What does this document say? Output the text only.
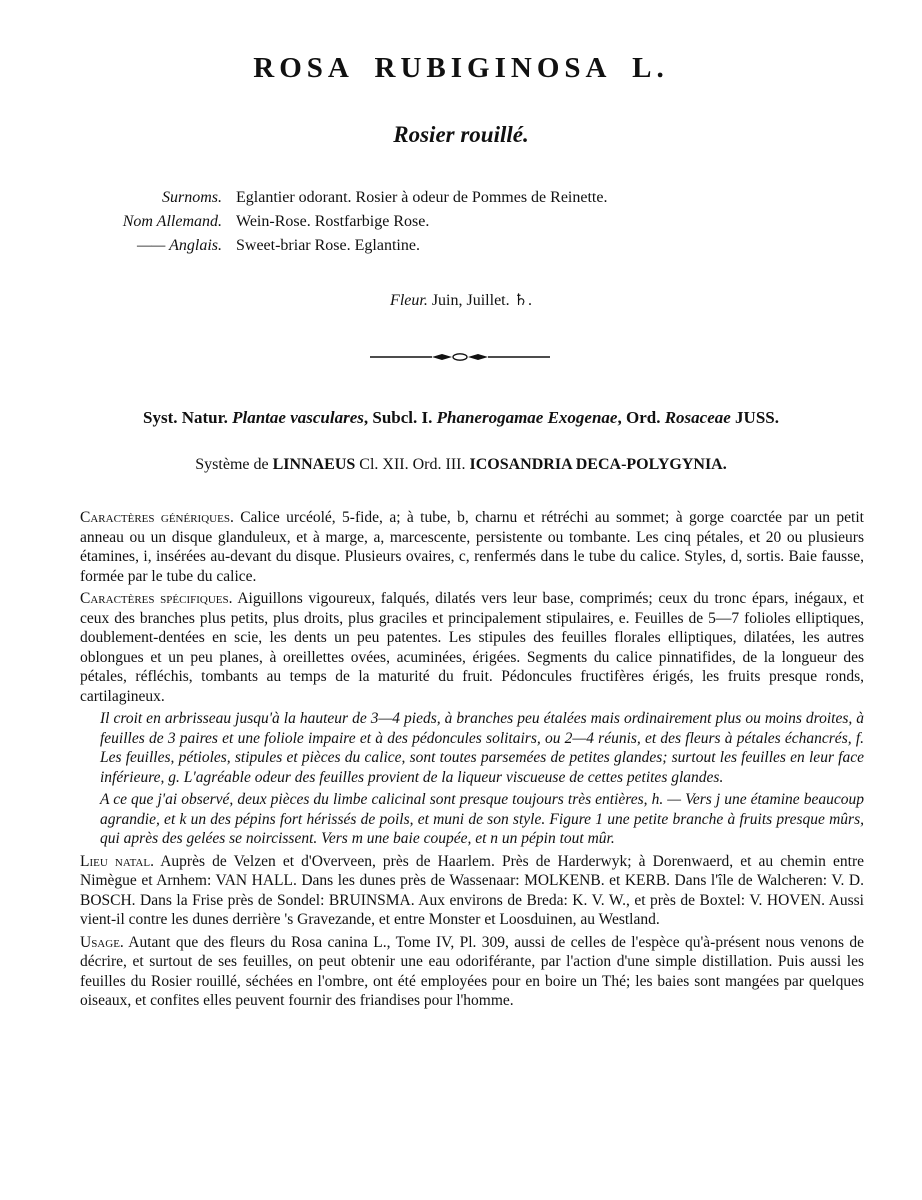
ROSA RUBIGINOSA L.
Rosier rouillé.
Surnoms. Eglantier odorant. Rosier à odeur de Pommes de Reinette.
Nom Allemand. Wein-Rose. Rostfarbige Rose.
—— Anglais. Sweet-briar Rose. Eglantine.
Fleur. Juin, Juillet. ♄.
Syst. Natur. Plantae vasculares, Subcl. I. Phanerogamae Exogenae, Ord. Rosaceae JUSS.
Système de LINNAEUS Cl. XII. Ord. III. ICOSANDRIA DECA-POLYGYNIA.

Caractères génériques. Calice urcéolé, 5-fide, a; à tube, b, charnu et rétréchi au sommet; à gorge coarctée par un petit anneau ou un disque glanduleux, et à marge, a, marcescente, persistente ou tombante. Les cinq pétales, et 20 ou plusieurs étamines, i, insérées au-devant du disque. Plusieurs ovaires, c, renfermés dans le tube du calice. Styles, d, sortis. Baie fausse, formée par le tube du calice.

Caractères spécifiques. Aiguillons vigoureux, falqués, dilatés vers leur base, comprimés; ceux du tronc épars, inégaux, et ceux des branches plus petits, plus droits, plus graciles et principalement stipulaires, e. Feuilles de 5—7 folioles elliptiques, doublement-dentées en scie, les dents un peu patentes. Les stipules des feuilles florales elliptiques, dilatées, les autres oblongues et un peu planes, à oreillettes ovées, acuminées, érigées. Segments du calice pinnatifides, de la longueur des pétales, réfléchis, tombants au temps de la maturité du fruit. Pédoncules fructifères érigés, les fruits presque ronds, cartilagineux.

Il croit en arbrisseau jusqu'à la hauteur de 3—4 pieds, à branches peu étalées mais ordinairement plus ou moins droites, à feuilles de 3 paires et une foliole impaire et à des pédoncules solitairs, ou 2—4 réunis, et des fleurs à pétales échancrés, f. Les feuilles, pétioles, stipules et pièces du calice, sont toutes parsemées de petites glandes; surtout les feuilles en leur face inférieure, g. L'agréable odeur des feuilles provient de la liqueur viscueuse de cettes petites glandes.

A ce que j'ai observé, deux pièces du limbe calicinal sont presque toujours très entières, h. — Vers j une étamine beaucoup agrandie, et k un des pépins fort hérissés de poils, et muni de son style. Figure 1 une petite branche à fruits presque mûrs, qui après des gelées se noircissent. Vers m une baie coupée, et n un pépin tout mûr.

Lieu natal. Auprès de Velzen et d'Overveen, près de Haarlem. Près de Harderwyk; à Dorenwaerd, et au chemin entre Nimègue et Arnhem: VAN HALL. Dans les dunes près de Wassenaar: MOLKENB. et KERB. Dans l'île de Walcheren: V. D. BOSCH. Dans la Frise près de Sondel: BRUINSMA. Aux environs de Breda: K. V. W., et près de Boxtel: V. HOVEN. Aussi vient-il contre les dunes derrière 's Gravezande, et entre Monster et Loosduinen, au Westland.

Usage. Autant que des fleurs du Rosa canina L., Tome IV, Pl. 309, aussi de celles de l'espèce qu'à-présent nous venons de décrire, et surtout de ses feuilles, on peut obtenir une eau odoriférante, par l'action d'une simple distillation. Puis aussi les feuilles du Rosier rouillé, séchées en l'ombre, ont été employées pour en boire un Thé; les baies sont mangées par quelques oiseaux, et confites elles peuvent fournir des friandises pour l'homme.
